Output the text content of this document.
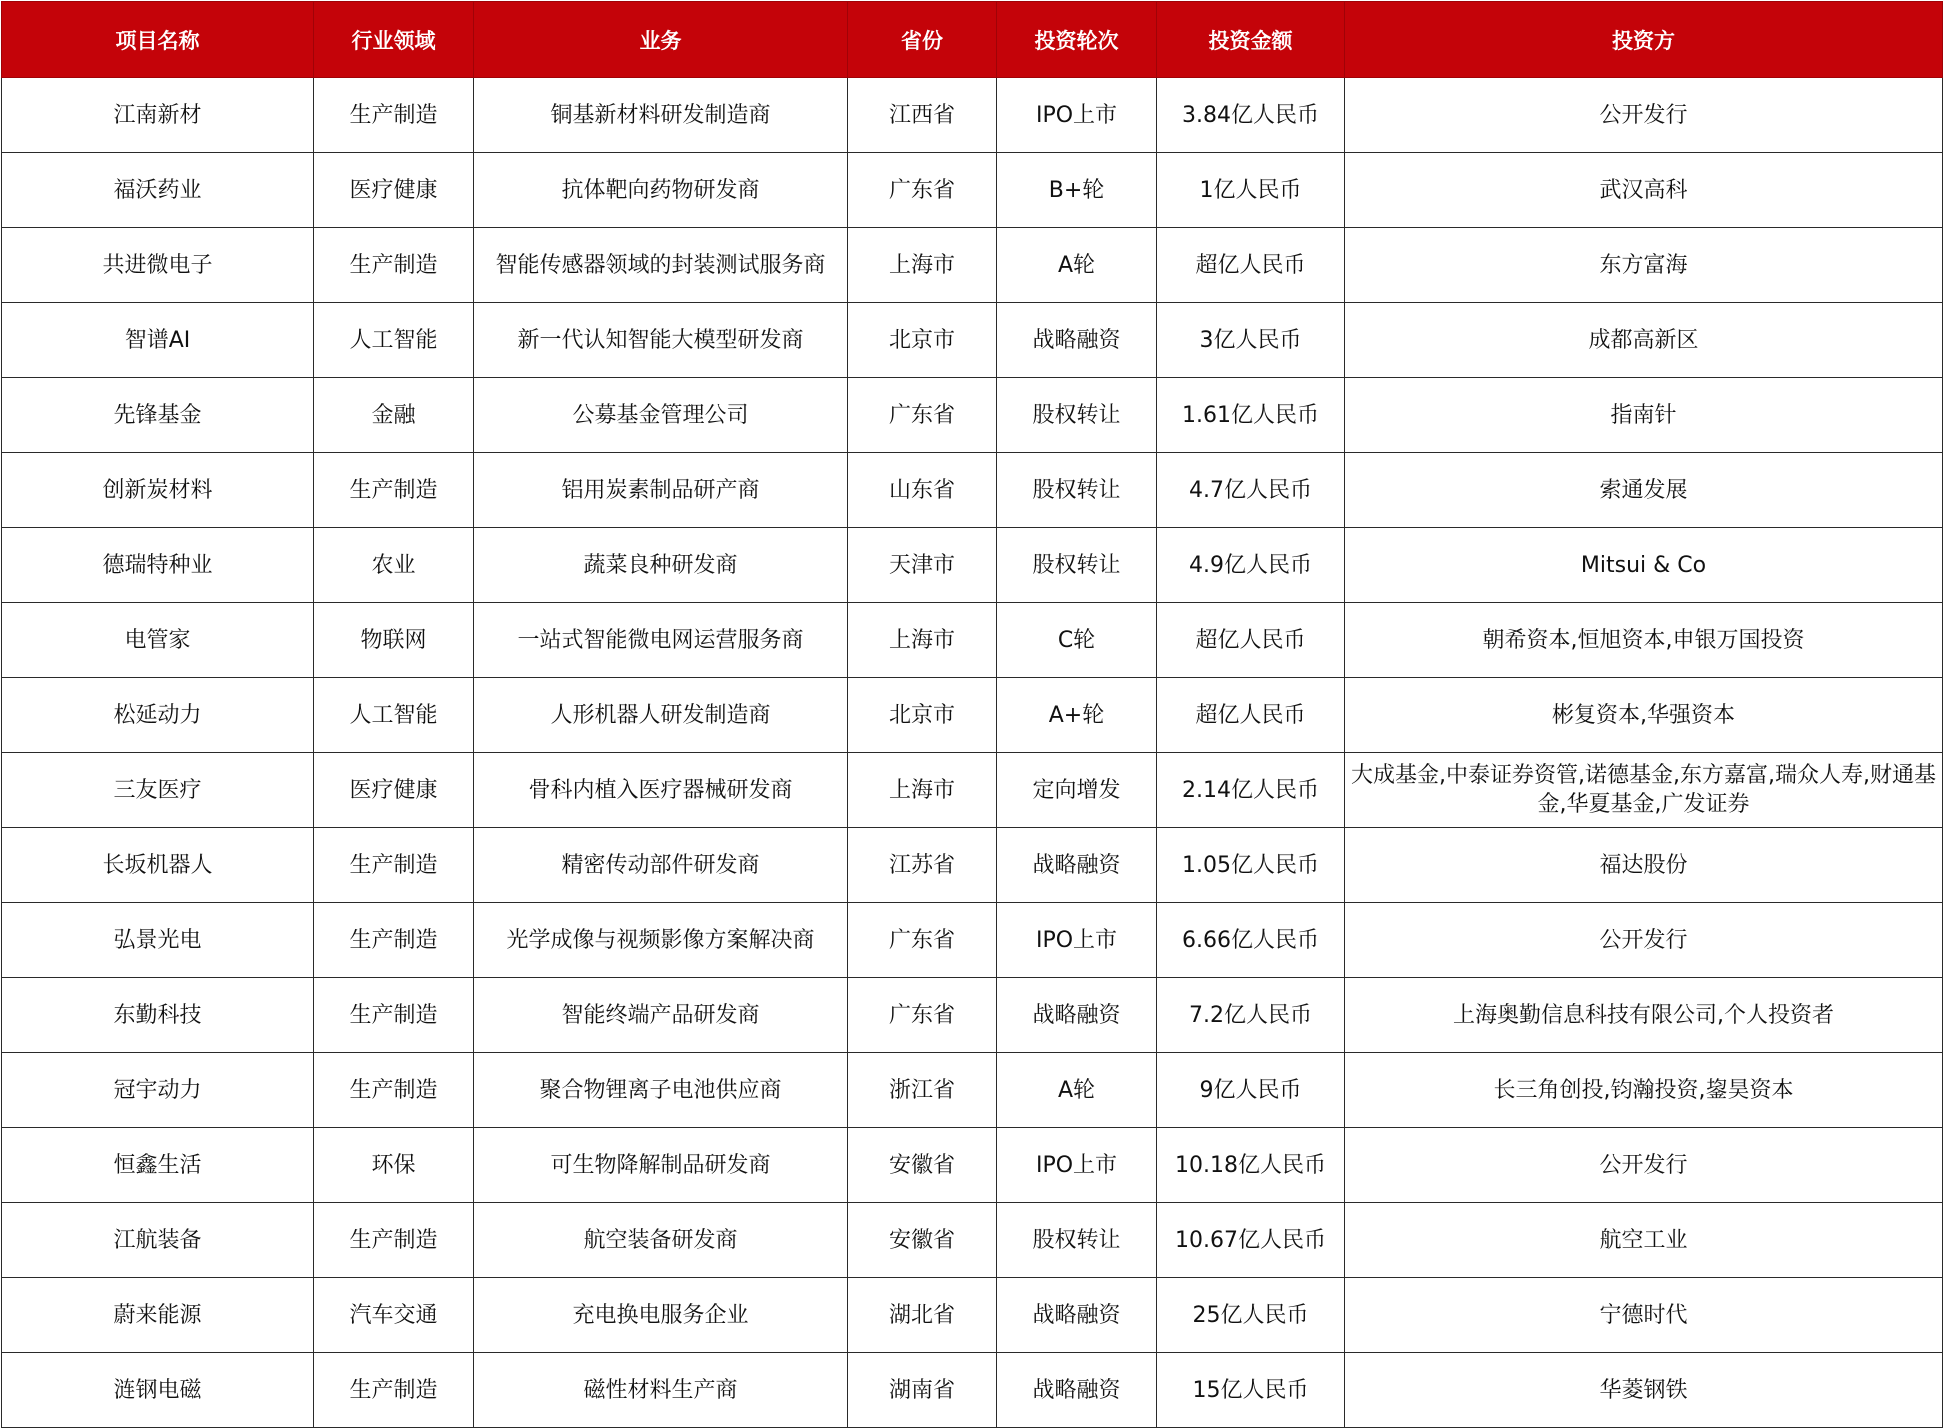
项目名称	行业领域	业务	省份	投资轮次	投资金额	投资方
江南新材	生产制造	铜基新材料研发制造商	江西省	IPO上市	3.84亿人民币	公开发行
福沃药业	医疗健康	抗体靶向药物研发商	广东省	B+轮	1亿人民币	武汉高科
共进微电子	生产制造	智能传感器领域的封装测试服务商	上海市	A轮	超亿人民币	东方富海
智谱AI	人工智能	新一代认知智能大模型研发商	北京市	战略融资	3亿人民币	成都高新区
先锋基金	金融	公募基金管理公司	广东省	股权转让	1.61亿人民币	指南针
创新炭材料	生产制造	铝用炭素制品研产商	山东省	股权转让	4.7亿人民币	索通发展
德瑞特种业	农业	蔬菜良种研发商	天津市	股权转让	4.9亿人民币	Mitsui & Co
电管家	物联网	一站式智能微电网运营服务商	上海市	C轮	超亿人民币	朝希资本,恒旭资本,申银万国投资
松延动力	人工智能	人形机器人研发制造商	北京市	A+轮	超亿人民币	彬复资本,华强资本
三友医疗	医疗健康	骨科内植入医疗器械研发商	上海市	定向增发	2.14亿人民币	大成基金,中泰证券资管,诺德基金,东方嘉富,瑞众人寿,财通基金,华夏基金,广发证券
长坂机器人	生产制造	精密传动部件研发商	江苏省	战略融资	1.05亿人民币	福达股份
弘景光电	生产制造	光学成像与视频影像方案解决商	广东省	IPO上市	6.66亿人民币	公开发行
东勤科技	生产制造	智能终端产品研发商	广东省	战略融资	7.2亿人民币	上海奥勤信息科技有限公司,个人投资者
冠宇动力	生产制造	聚合物锂离子电池供应商	浙江省	A轮	9亿人民币	长三角创投,钧瀚投资,鋆昊资本
恒鑫生活	环保	可生物降解制品研发商	安徽省	IPO上市	10.18亿人民币	公开发行
江航装备	生产制造	航空装备研发商	安徽省	股权转让	10.67亿人民币	航空工业
蔚来能源	汽车交通	充电换电服务企业	湖北省	战略融资	25亿人民币	宁德时代
涟钢电磁	生产制造	磁性材料生产商	湖南省	战略融资	15亿人民币	华菱钢铁
